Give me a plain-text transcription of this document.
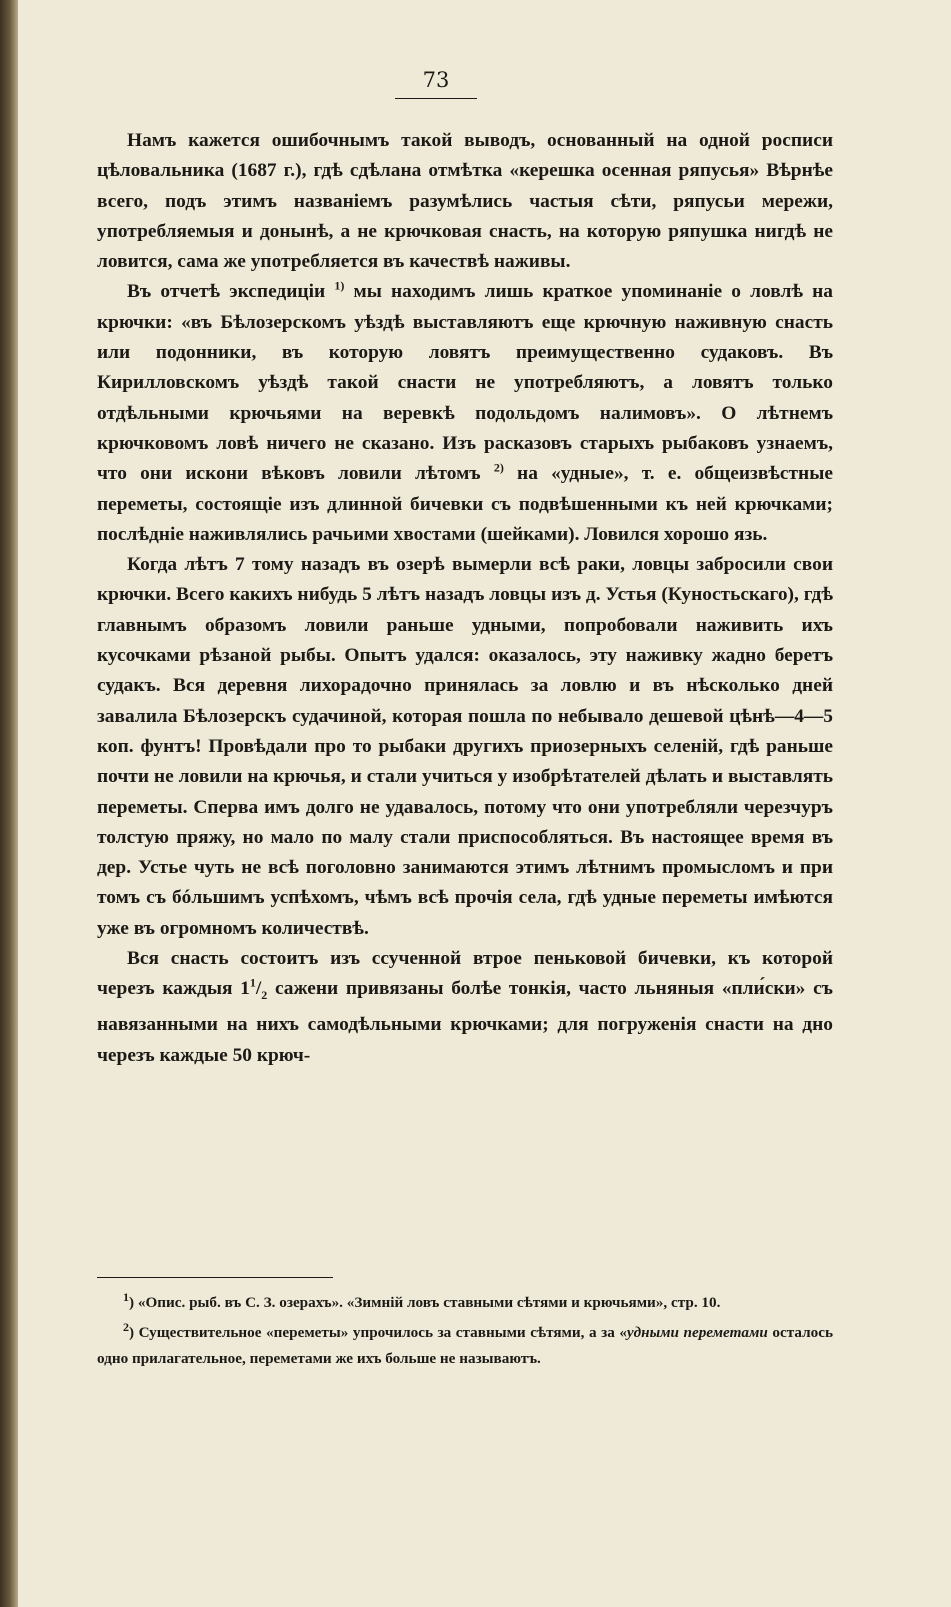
73

Намъ кажется ошибочнымъ такой выводъ, основанный на одной росписи цѣловальника (1687 г.), гдѣ сдѣлана отмѣтка «керешка осенная ряпусья» Вѣрнѣе всего, подъ этимъ названіемъ разумѣлись частыя сѣти, ряпусьи мережи, употребляемыя и донынѣ, а не крючковая снасть, на которую ряпушка нигдѣ не ловится, сама же употребляется въ качествѣ наживы.

Въ отчетѣ экспедиціи $^{1)}$ мы находимъ лишь краткое упоминаніе о ловлѣ на крючки: «въ Бѣлозерскомъ уѣздѣ выставляютъ еще крючную наживную снасть или подонники, въ которую ловятъ преимущественно судаковъ. Въ Кирилловскомъ уѣздѣ такой снасти не употребляютъ, а ловятъ только отдѣльными крючьями на веревкѣ подольдомъ налимовъ». О лѣтнемъ крючковомъ ловѣ ничего не сказано. Изъ расказовъ старыхъ рыбаковъ узнаемъ, что они искони вѣковъ ловили лѣтомъ $^{2)}$ на «удные», т. е. общеизвѣстные переметы, состоящіе изъ длинной бичевки съ подвѣшенными къ ней крючками; послѣдніе наживлялись рачьими хвостами (шейками). Ловился хорошо язь.

Когда лѣтъ 7 тому назадъ въ озерѣ вымерли всѣ раки, ловцы забросили свои крючки. Всего какихъ нибудь 5 лѣтъ назадъ ловцы изъ д. Устья (Куностьскаго), гдѣ главнымъ образомъ ловили раньше удными, попробовали наживить ихъ кусочками рѣзаной рыбы. Опытъ удался: оказалось, эту наживку жадно беретъ судакъ. Вся деревня лихорадочно принялась за ловлю и въ нѣсколько дней завалила Бѣлозерскъ судачиной, которая пошла по небывало дешевой цѣнѣ—4—5 коп. фунтъ! Провѣдали про то рыбаки другихъ приозерныхъ селеній, гдѣ раньше почти не ловили на крючья, и стали учиться у изобрѣтателей дѣлать и выставлять переметы. Сперва имъ долго не удавалось, потому что они употребляли черезчуръ толстую пряжу, но мало по малу стали приспособляться. Въ настоящее время въ дер. Устье чуть не всѣ поголовно занимаются этимъ лѣтнимъ промысломъ и при томъ съ бóльшимъ успѣхомъ, чѣмъ всѣ прочія села, гдѣ удные переметы имѣются уже въ огромномъ количествѣ.

Вся снасть состоитъ изъ ссученной втрое пеньковой бичевки, къ которой черезъ каждыя $1^1/_2$ сажени привязаны болѣе тонкія, часто льняныя «пли́ски» съ навязанными на нихъ самодѣльными крючками; для погруженія снасти на дно черезъ каждые 50 крюч-

$^1$) «Опис. рыб. въ С. З. озерахъ». «Зимній ловъ ставными сѣтями и крючьями», стр. 10.

$^2$) Существительное «переметы» упрочилось за ставными сѣтями, а за «удными переметами осталось одно прилагательное, переметами же ихъ больше не называютъ.
